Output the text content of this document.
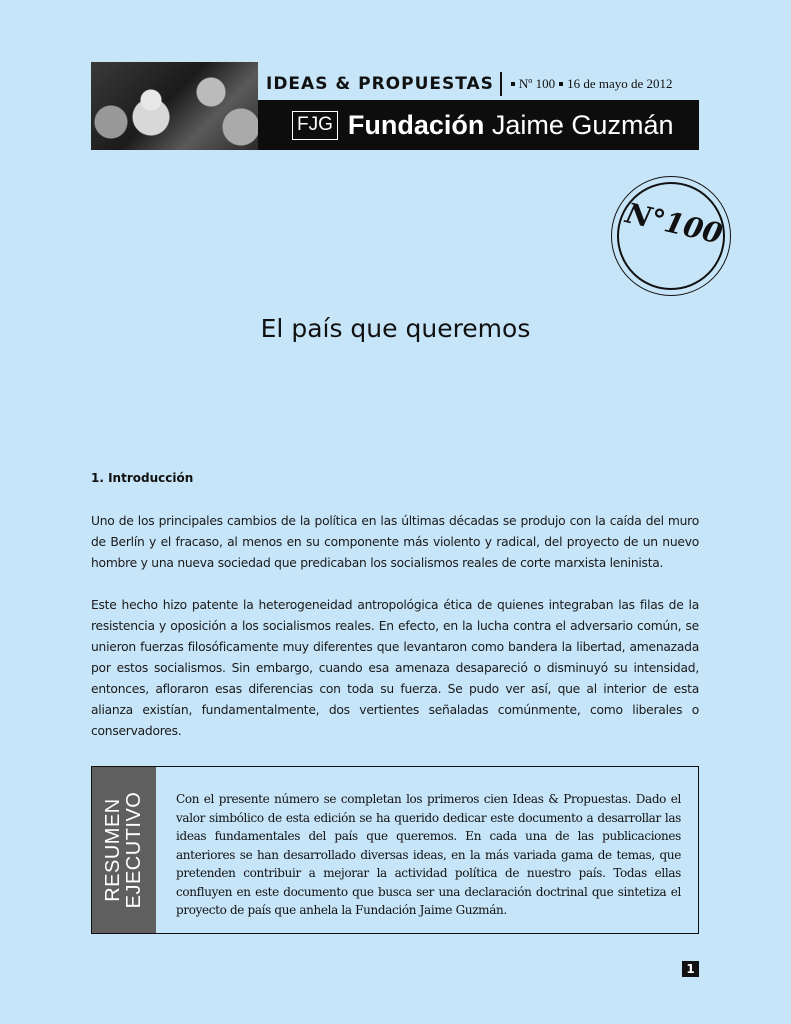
IDEAS & PROPUESTAS Nº 100 16 de mayo de 2012
FJG Fundación Jaime Guzmán
N°100
El país que queremos
1. Introducción

Uno de los principales cambios de la política en las últimas décadas se produjo con la caída del muro de Berlín y el fracaso, al menos en su componente más violento y radical, del proyecto de un nuevo hombre y una nueva sociedad que predicaban los socialismos reales de corte marxista leninista.

Este hecho hizo patente la heterogeneidad antropológica ética de quienes integraban las filas de la resistencia y oposición a los socialismos reales. En efecto, en la lucha contra el adversario común, se unieron fuerzas filosóficamente muy diferentes que levantaron como bandera la libertad, amenazada por estos socialismos. Sin embargo, cuando esa amenaza desapareció o disminuyó su intensidad, entonces, afloraron esas diferencias con toda su fuerza. Se pudo ver así, que al interior de esta alianza existían, fundamentalmente, dos vertientes señaladas comúnmente, como liberales o conservadores.

RESUMEN EJECUTIVO	Con el presente número se completan los primeros cien Ideas & Propuestas. Dado el valor simbólico de esta edición se ha querido dedicar este documento a desarrollar las ideas fundamentales del país que queremos. En cada una de las publicaciones anteriores se han desarrollado diversas ideas, en la más variada gama de temas, que pretenden contribuir a mejorar la actividad política de nuestro país. Todas ellas confluyen en este documento que busca ser una declaración doctrinal que sintetiza el proyecto de país que anhela la Fundación Jaime Guzmán.

1
